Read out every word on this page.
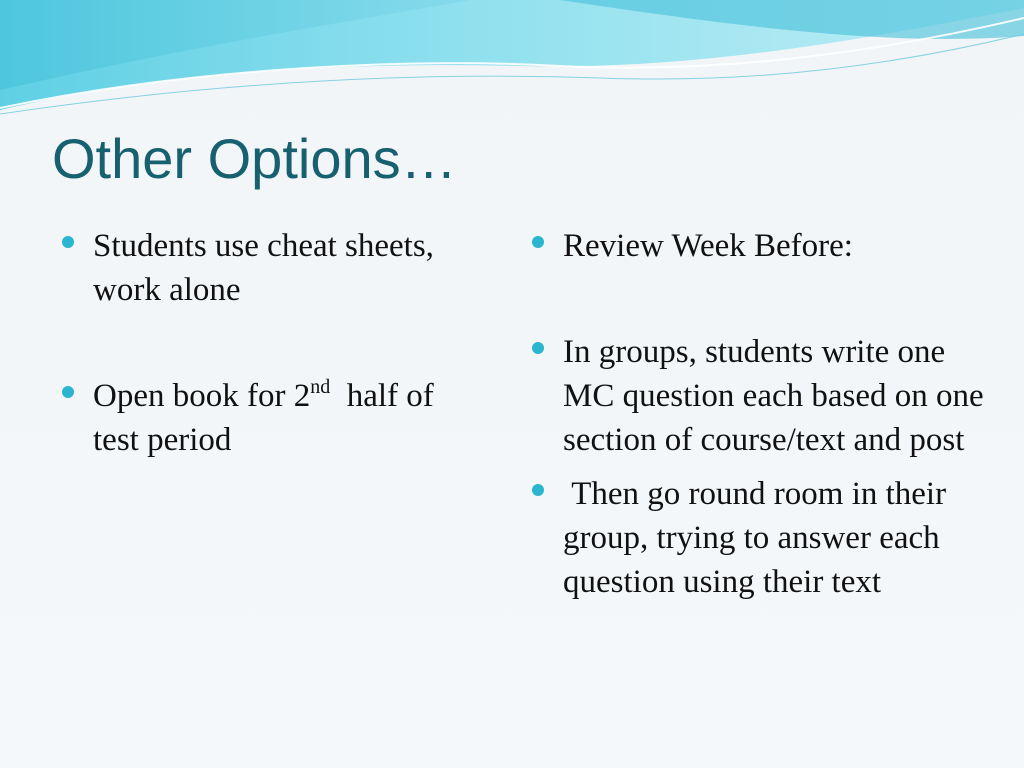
Other Options…
Students use cheat sheets, work alone
Open book for 2nd  half of test period
Review Week Before:
In groups, students write one MC question each based on one section of course/text and post
Then go round room in their group, trying to answer each question using their text
